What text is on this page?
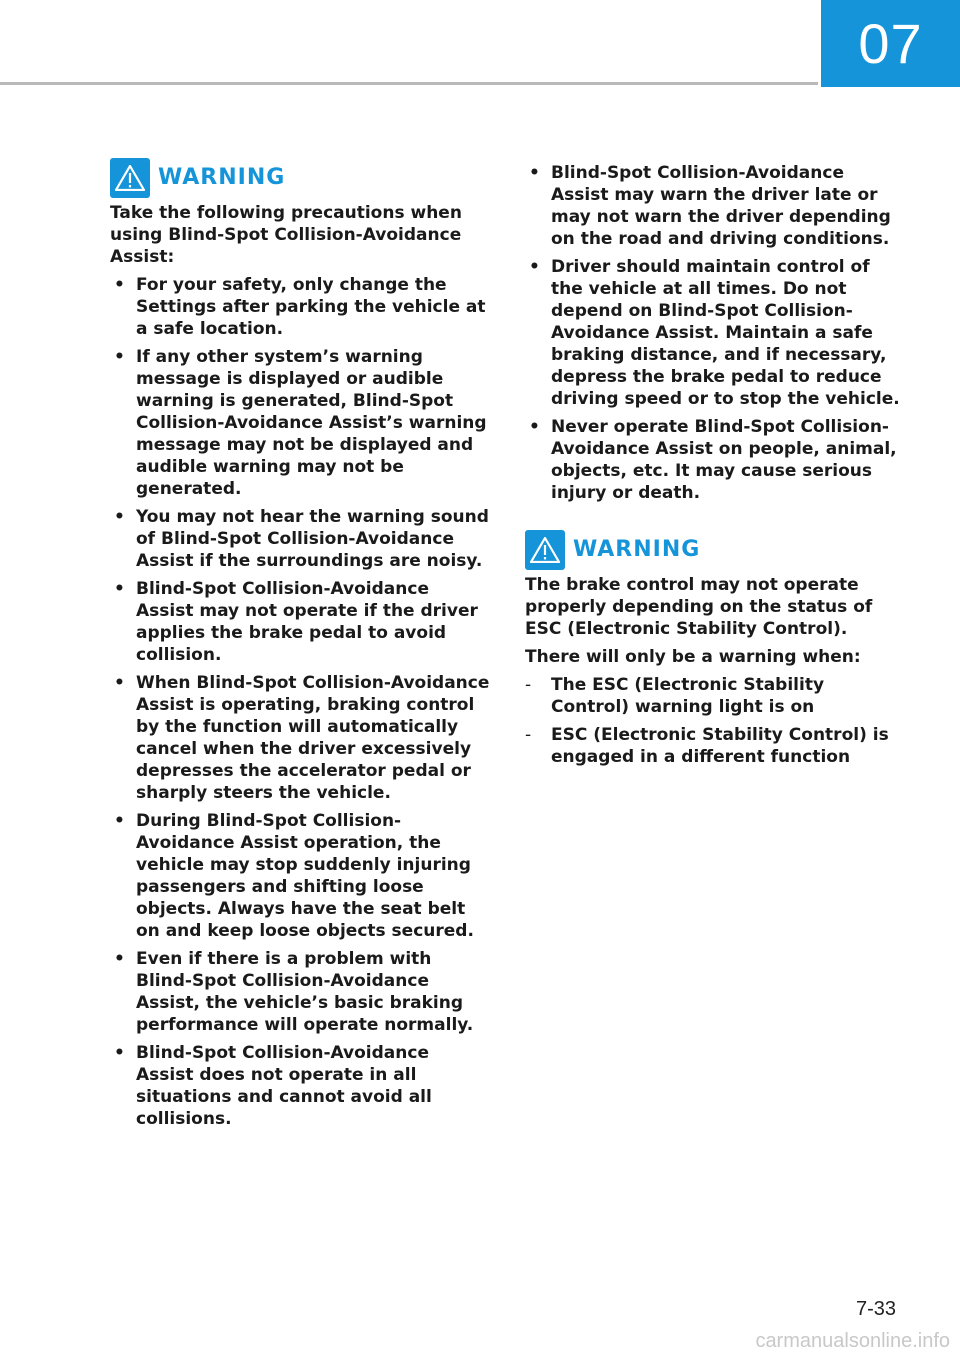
07
WARNING

Take the following precautions when using Blind-Spot Collision-Avoidance Assist:

• For your safety, only change the Settings after parking the vehicle at a safe location.
• If any other system’s warning message is displayed or audible warning is generated, Blind-Spot Collision-Avoidance Assist’s warning message may not be displayed and audible warning may not be generated.
• You may not hear the warning sound of Blind-Spot Collision-Avoidance Assist if the surroundings are noisy.
• Blind-Spot Collision-Avoidance Assist may not operate if the driver applies the brake pedal to avoid collision.
• When Blind-Spot Collision-Avoidance Assist is operating, braking control by the function will automatically cancel when the driver excessively depresses the accelerator pedal or sharply steers the vehicle.
• During Blind-Spot Collision-Avoidance Assist operation, the vehicle may stop suddenly injuring passengers and shifting loose objects. Always have the seat belt on and keep loose objects secured.
• Even if there is a problem with Blind-Spot Collision-Avoidance Assist, the vehicle’s basic braking performance will operate normally.
• Blind-Spot Collision-Avoidance Assist does not operate in all situations and cannot avoid all collisions.
• Blind-Spot Collision-Avoidance Assist may warn the driver late or may not warn the driver depending on the road and driving conditions.
• Driver should maintain control of the vehicle at all times. Do not depend on Blind-Spot Collision-Avoidance Assist. Maintain a safe braking distance, and if necessary, depress the brake pedal to reduce driving speed or to stop the vehicle.
• Never operate Blind-Spot Collision-Avoidance Assist on people, animal, objects, etc. It may cause serious injury or death.
WARNING

The brake control may not operate properly depending on the status of ESC (Electronic Stability Control).

There will only be a warning when:

- The ESC (Electronic Stability Control) warning light is on
- ESC (Electronic Stability Control) is engaged in a different function
7-33
carmanualsonline.info
